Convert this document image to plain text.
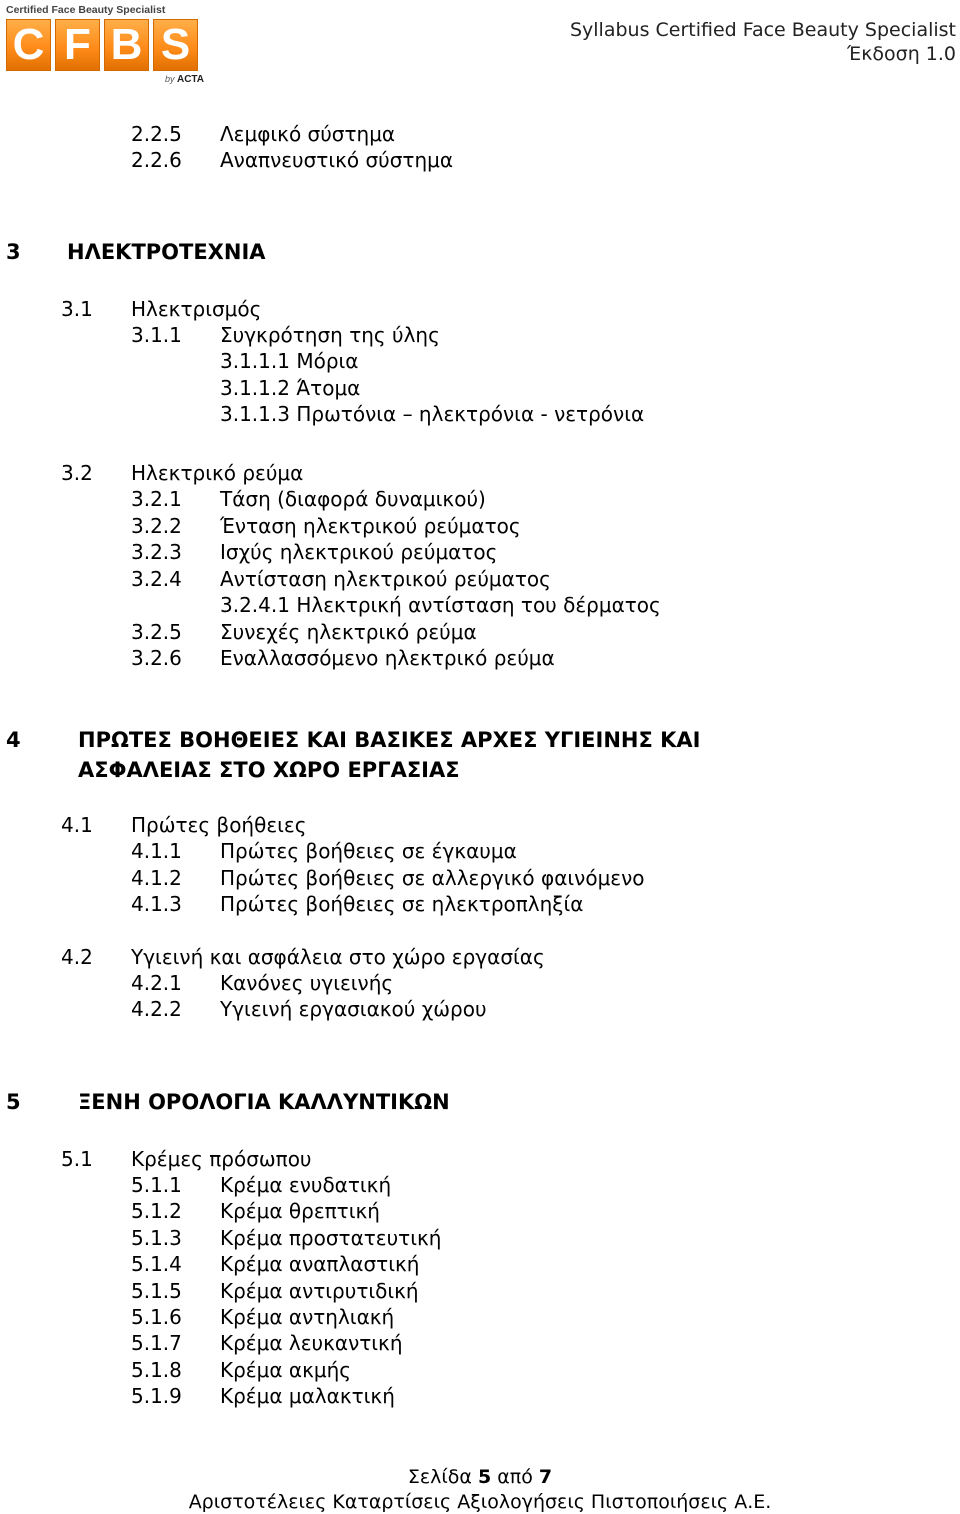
Certified Face Beauty Specialist
C F B S
by ACTA
Syllabus Certified Face Beauty Specialist
Έκδοση 1.0
2.2.5 Λεμφικό σύστημα
2.2.6 Αναπνευστικό σύστημα
3 ΗΛΕΚΤΡΟΤΕΧΝΙΑ
3.1 Ηλεκτρισμός
3.1.1 Συγκρότηση της ύλης
3.1.1.1 Μόρια
3.1.1.2 Άτομα
3.1.1.3 Πρωτόνια – ηλεκτρόνια - νετρόνια
3.2 Ηλεκτρικό ρεύμα
3.2.1 Τάση (διαφορά δυναμικού)
3.2.2 Ένταση ηλεκτρικού ρεύματος
3.2.3 Ισχύς ηλεκτρικού ρεύματος
3.2.4 Αντίσταση ηλεκτρικού ρεύματος
3.2.4.1 Ηλεκτρική αντίσταση του δέρματος
3.2.5 Συνεχές ηλεκτρικό ρεύμα
3.2.6 Εναλλασσόμενο ηλεκτρικό ρεύμα
4	ΠΡΩΤΕΣ ΒΟΗΘΕΙΕΣ ΚΑΙ ΒΑΣΙΚΕΣ ΑΡΧΕΣ ΥΓΙΕΙΝΗΣ ΚΑΙ
ΑΣΦΑΛΕΙΑΣ ΣΤΟ ΧΩΡΟ ΕΡΓΑΣΙΑΣ
4.1 Πρώτες βοήθειες
4.1.1 Πρώτες βοήθειες σε έγκαυμα
4.1.2 Πρώτες βοήθειες σε αλλεργικό φαινόμενο
4.1.3 Πρώτες βοήθειες σε ηλεκτροπληξία
4.2 Υγιεινή και ασφάλεια στο χώρο εργασίας
4.2.1 Κανόνες υγιεινής
4.2.2 Υγιεινή εργασιακού χώρου
5	ΞΕΝΗ ΟΡΟΛΟΓΙΑ ΚΑΛΛΥΝΤΙΚΩΝ
5.1 Κρέμες πρόσωπου
5.1.1 Κρέμα ενυδατική
5.1.2 Κρέμα θρεπτική
5.1.3 Κρέμα προστατευτική
5.1.4 Κρέμα αναπλαστική
5.1.5 Κρέμα αντιρυτιδική
5.1.6 Κρέμα αντηλιακή
5.1.7 Κρέμα λευκαντική
5.1.8 Κρέμα ακμής
5.1.9 Κρέμα μαλακτική
Σελίδα 5 από 7
Αριστοτέλειες Καταρτίσεις Αξιολογήσεις Πιστοποιήσεις Α.Ε.
